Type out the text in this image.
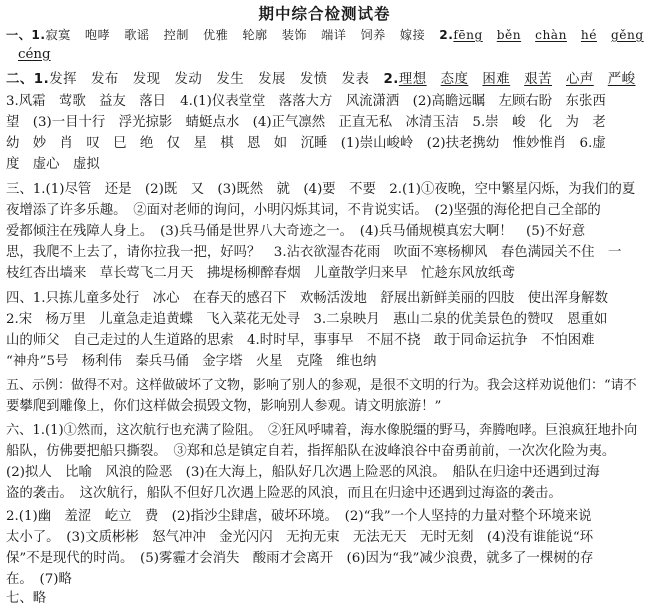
期中综合检测试卷
一、1.寂寞 咆哮 歌谣 控制 优雅 轮廓 装饰 端详 饲养 嫁接 2.fēng běn chàn hé gěng
céng
二、1.发挥 发布 发现 发动 发生 发展 发愤 发表 2.理想 态度 困难 艰苦 心声 严峻
3.风霜　莺歌　益友　落日 4.(1)仪表堂堂　落落大方　风流潇洒　(2)高瞻远瞩　左顾右盼　东张西
望　(3)一目十行　浮光掠影　蜻蜓点水　(4)正气凛然　正直无私　冰清玉洁　5.崇　峻　化　为　老
幼　妙　肖　叹　巳　绝　仅　星　棋　恩　如　沉睡　(1)崇山峻岭　(2)扶老携幼　惟妙惟肖　6.虚
度　虚心　虚拟
三、1.(1)尽管　还是　(2)既　又　(3)既然　就　(4)要　不要　2.(1)①夜晚，空中繁星闪烁，为我们的夏
夜增添了许多乐趣。　②面对老师的询问，小明闪烁其词，不肯说实话。　(2)坚强的海伦把自己全部的
爱都倾注在残障人身上。　(3)兵马俑是世界八大奇迹之一。　(4)兵马俑规模真宏大啊！　(5)不好意
思，我爬不上去了，请你拉我一把，好吗？　3.沾衣欲湿杏花雨　吹面不寒杨柳风　春色满园关不住　一
枝红杏出墙来　草长莺飞二月天　拂堤杨柳醉春烟　儿童散学归来早　忙趁东风放纸鸢
四、1.只拣儿童多处行　冰心　在春天的感召下　欢畅活泼地　舒展出新鲜美丽的四肢　使出浑身解数
2.宋　杨万里　儿童急走追黄蝶　飞入菜花无处寻　3.二泉映月　惠山二泉的优美景色的赞叹　恩重如
山的师父　自己走过的人生道路的思索　4.时时早，事事早　不屈不挠　敢于同命运抗争　不怕困难
“神舟”5号　杨利伟　秦兵马俑　金字塔　火星　克隆　维也纳
五、示例：做得不对。这样做破坏了文物，影响了别人的参观，是很不文明的行为。我会这样劝说他们：“请不
要攀爬到雕像上，你们这样做会损毁文物，影响别人参观。请文明旅游！”
六、1.(1)①然而，这次航行也充满了险阻。　②狂风呼啸着，海水像脱缰的野马，奔腾咆哮。巨浪疯狂地扑向
船队，仿佛要把船只撕裂。　③郑和总是镇定自若，指挥船队在波峰浪谷中奋勇前前，一次次化险为夷。
(2)拟人　比喻　风浪的险恶　(3)在大海上，船队好几次遇上险恶的风浪。　船队在归途中还遇到过海
盗的袭击。　这次航行，船队不但好几次遇上险恶的风浪，而且在归途中还遇到过海盗的袭击。
2.(1)幽　羞涩　屹立　费　(2)指沙尘肆虐，破坏环境。　(2)“我”一个人坚持的力量对整个环境来说
太小了。　(3)文质彬彬　怒气冲冲　金光闪闪　无拘无束　无法无天　无时无刻　(4)没有谁能说“环
保”不是现代的时尚。　(5)雾霾才会消失　酸雨才会离开　(6)因为“我”减少浪费，就多了一棵树的存
在。　(7)略
七、略
